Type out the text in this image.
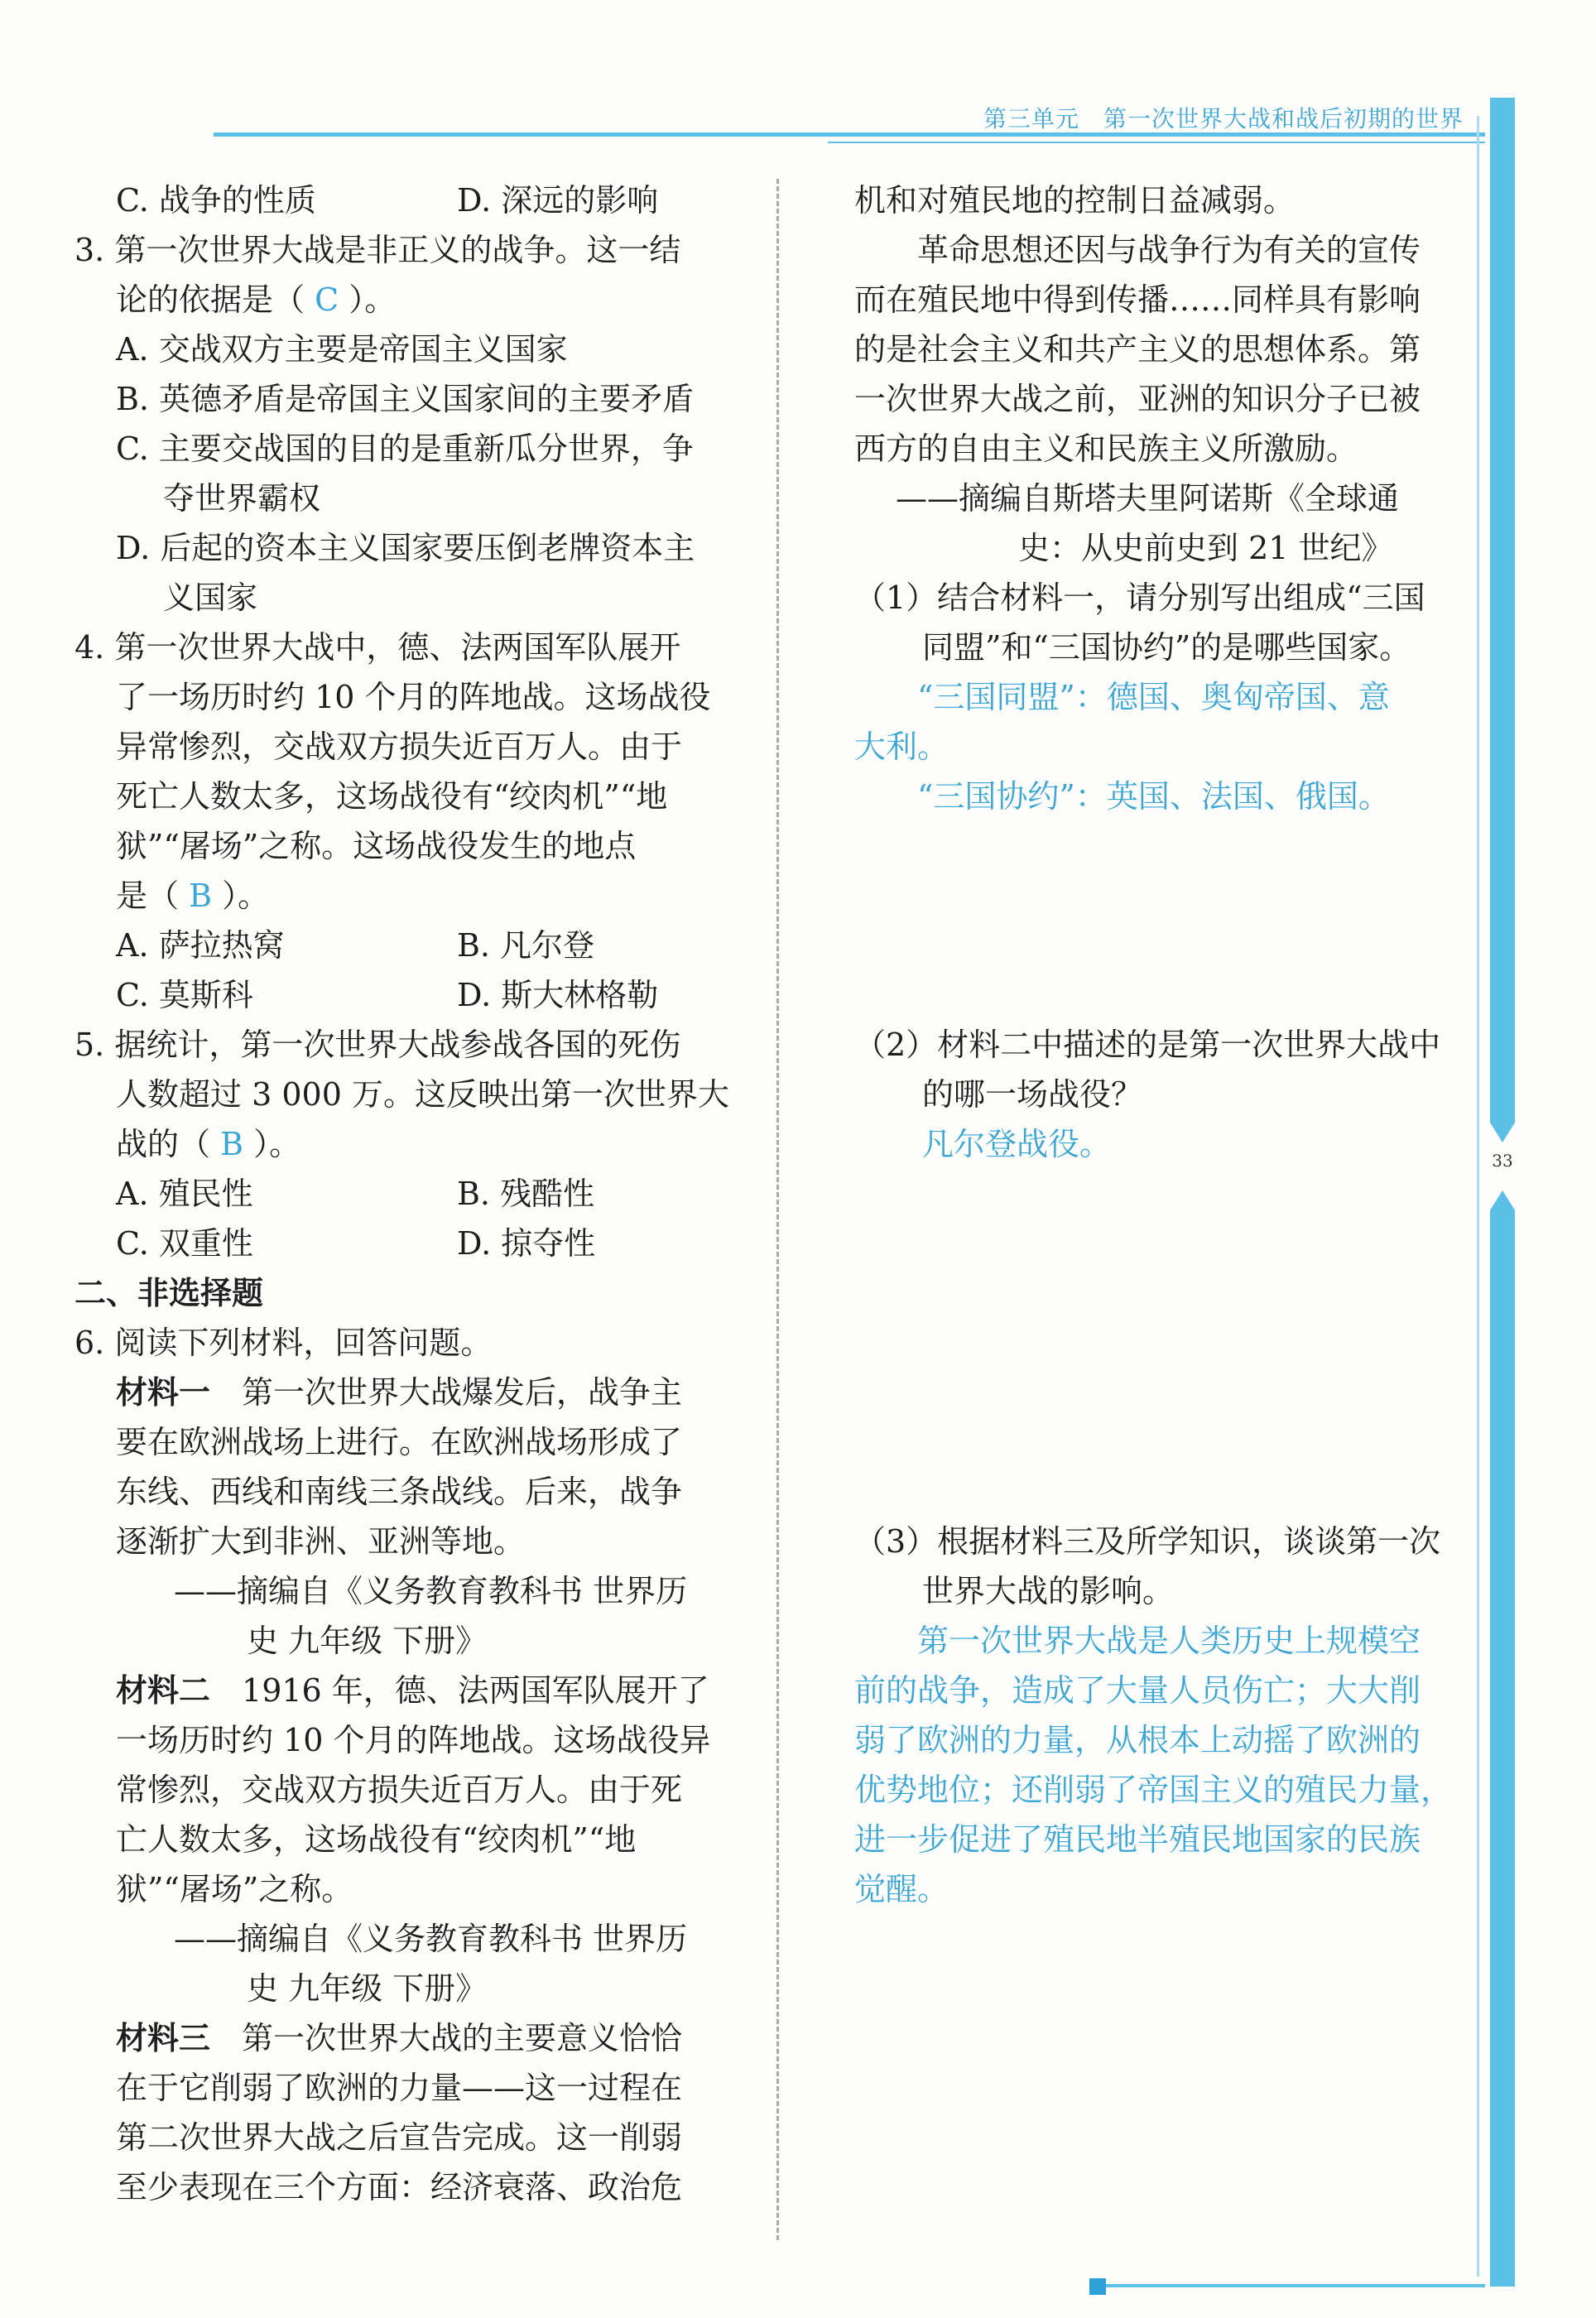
第三单元　第一次世界大战和战后初期的世界
33
C. 战争的性质	D. 深远的影响
3. 第一次世界大战是非正义的战争。这一结
论的依据是（ C ）。
A. 交战双方主要是帝国主义国家
B. 英德矛盾是帝国主义国家间的主要矛盾
C. 主要交战国的目的是重新瓜分世界，争
夺世界霸权
D. 后起的资本主义国家要压倒老牌资本主
义国家
4. 第一次世界大战中，德、法两国军队展开
了一场历时约 10 个月的阵地战。这场战役
异常惨烈，交战双方损失近百万人。由于
死亡人数太多，这场战役有“绞肉机”“地
狱”“屠场”之称。这场战役发生的地点
是（ B ）。
A. 萨拉热窝	B. 凡尔登
C. 莫斯科	D. 斯大林格勒
5. 据统计，第一次世界大战参战各国的死伤
人数超过 3 000 万。这反映出第一次世界大
战的（ B ）。
A. 殖民性	B. 残酷性
C. 双重性	D. 掠夺性
二、非选择题
6. 阅读下列材料，回答问题。
材料一　第一次世界大战爆发后，战争主
要在欧洲战场上进行。在欧洲战场形成了
东线、西线和南线三条战线。后来，战争
逐渐扩大到非洲、亚洲等地。
——摘编自《义务教育教科书 世界历
史 九年级 下册》
材料二　1916 年，德、法两国军队展开了
一场历时约 10 个月的阵地战。这场战役异
常惨烈，交战双方损失近百万人。由于死
亡人数太多，这场战役有“绞肉机”“地
狱”“屠场”之称。
——摘编自《义务教育教科书 世界历
史 九年级 下册》
材料三　第一次世界大战的主要意义恰恰
在于它削弱了欧洲的力量——这一过程在
第二次世界大战之后宣告完成。这一削弱
至少表现在三个方面：经济衰落、政治危
机和对殖民地的控制日益减弱。
　　革命思想还因与战争行为有关的宣传
而在殖民地中得到传播……同样具有影响
的是社会主义和共产主义的思想体系。第
一次世界大战之前，亚洲的知识分子已被
西方的自由主义和民族主义所激励。
——摘编自斯塔夫里阿诺斯《全球通
史：从史前史到 21 世纪》
（1）结合材料一，请分别写出组成“三国
同盟”和“三国协约”的是哪些国家。
　　“三国同盟”：德国、奥匈帝国、意
大利。
　　“三国协约”：英国、法国、俄国。
（2）材料二中描述的是第一次世界大战中
的哪一场战役？
凡尔登战役。
（3）根据材料三及所学知识，谈谈第一次
世界大战的影响。
　　第一次世界大战是人类历史上规模空
前的战争，造成了大量人员伤亡；大大削
弱了欧洲的力量，从根本上动摇了欧洲的
优势地位；还削弱了帝国主义的殖民力量，
进一步促进了殖民地半殖民地国家的民族
觉醒。
